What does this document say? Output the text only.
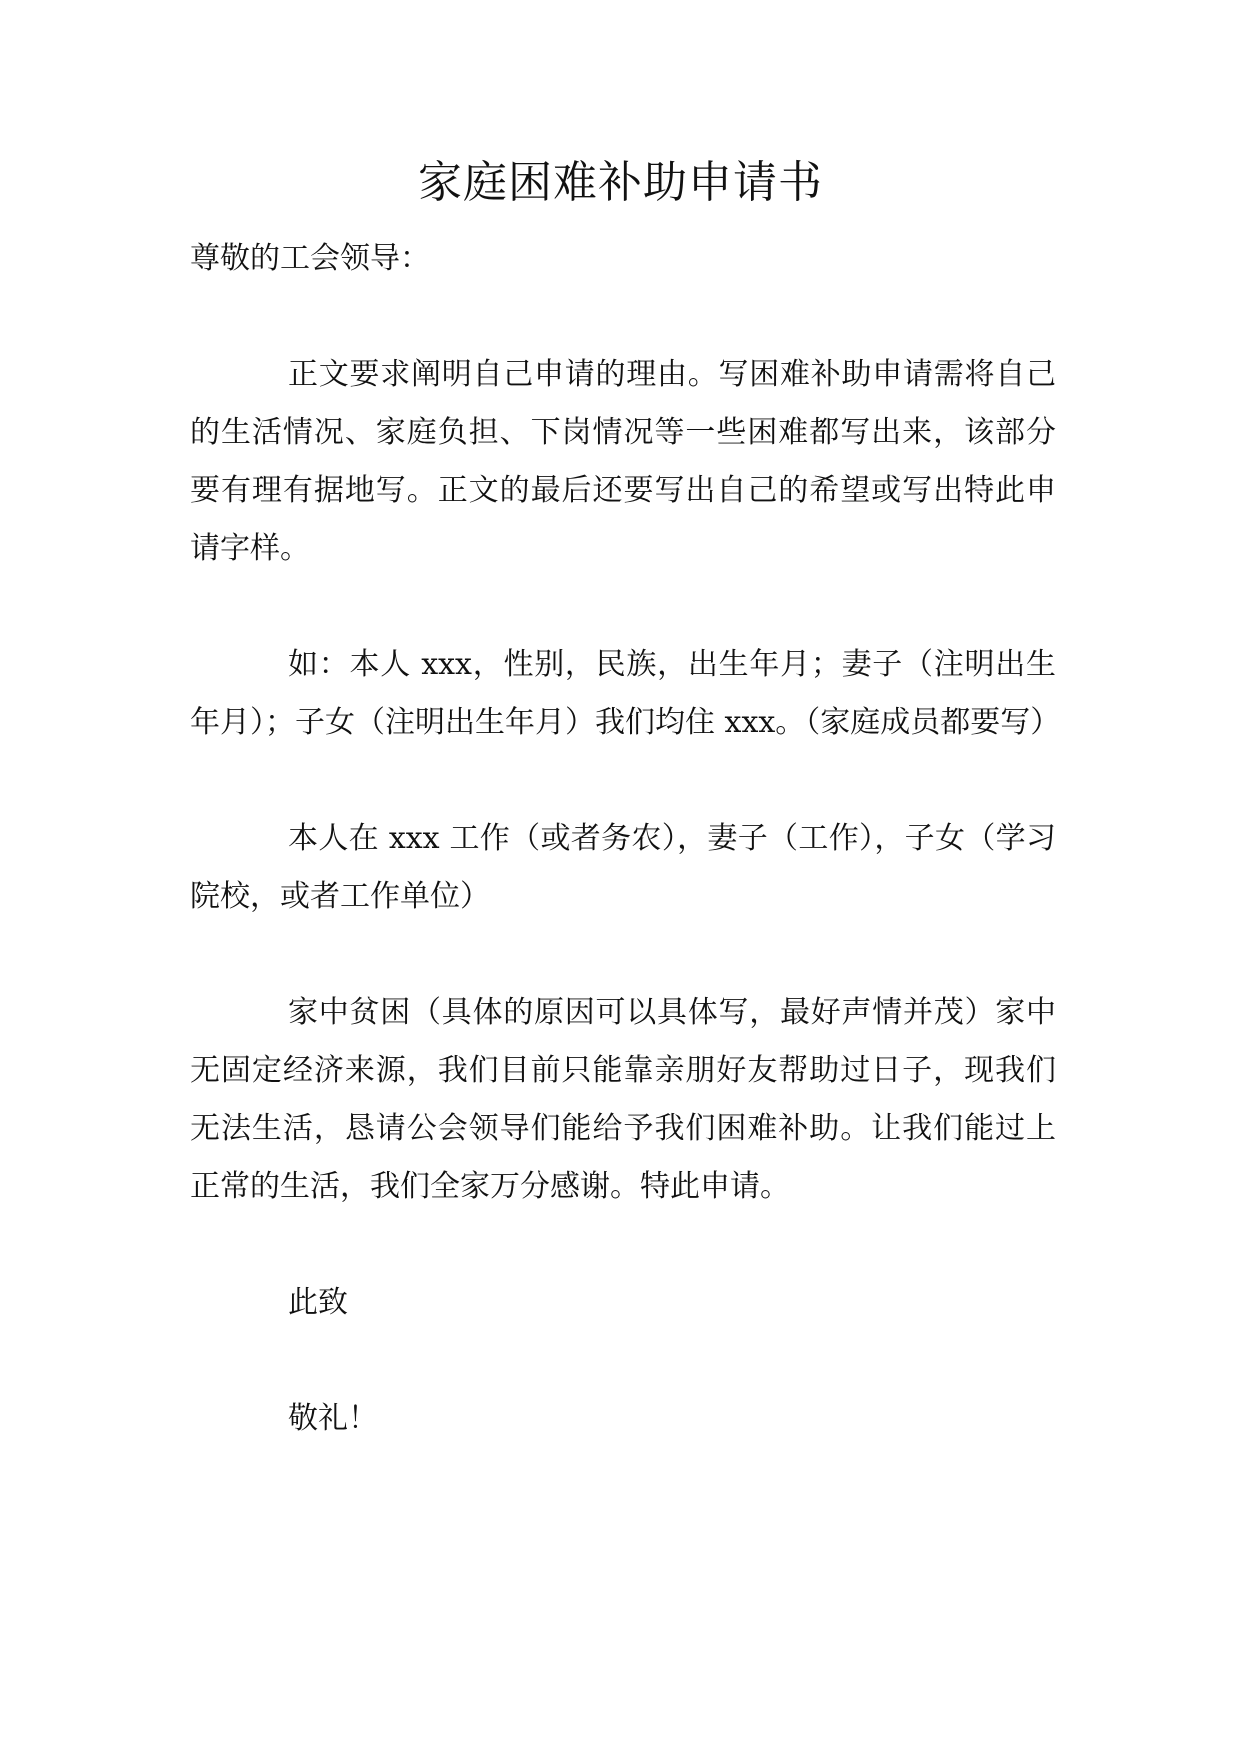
家庭困难补助申请书

尊敬的工会领导：

正文要求阐明自己申请的理由。写困难补助申请需将自己的生活情况、家庭负担、下岗情况等一些困难都写出来，该部分要有理有据地写。正文的最后还要写出自己的希望或写出特此申请字样。

如：本人 xxx，性别，民族，出生年月；妻子（注明出生年月）；子女（注明出生年月）我们均住 xxx。（家庭成员都要写）

本人在 xxx 工作（或者务农），妻子（工作），子女（学习院校，或者工作单位）

家中贫困（具体的原因可以具体写，最好声情并茂）家中无固定经济来源，我们目前只能靠亲朋好友帮助过日子，现我们无法生活，恳请公会领导们能给予我们困难补助。让我们能过上正常的生活，我们全家万分感谢。特此申请。

此致

敬礼！
